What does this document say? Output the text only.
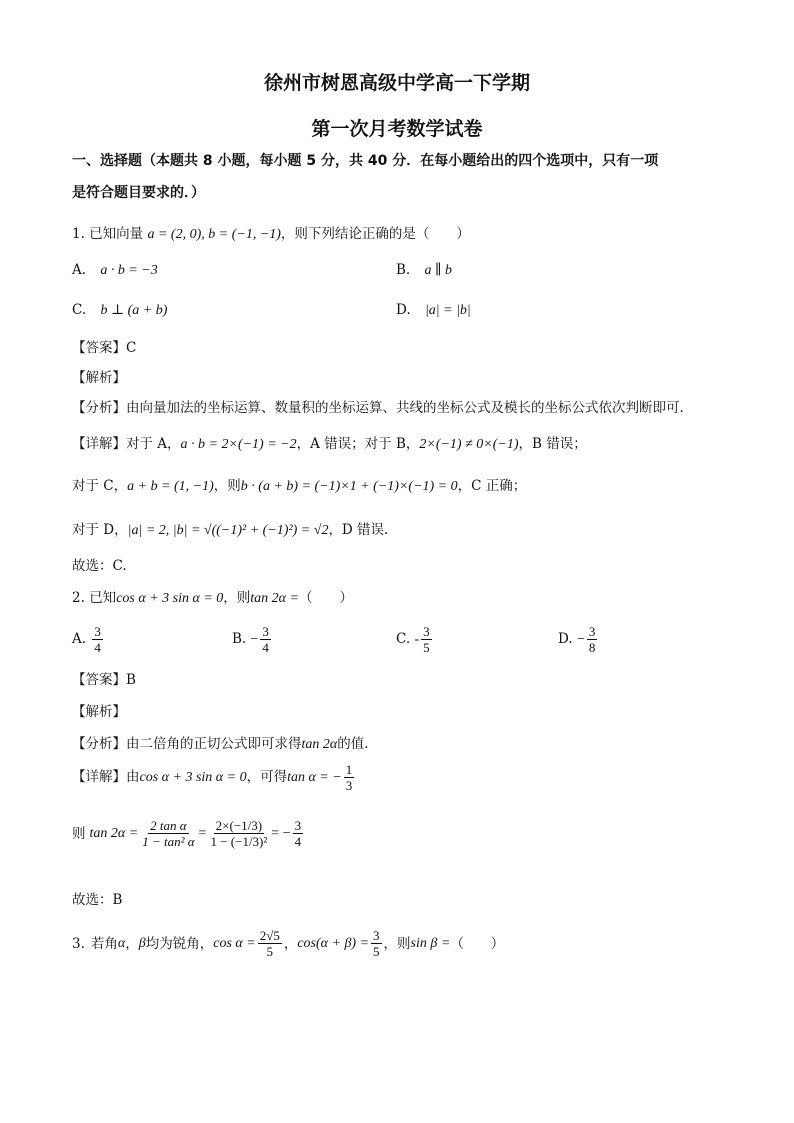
徐州市树恩高级中学高一下学期
第一次月考数学试卷
一、选择题（本题共 8 小题，每小题 5 分，共 40 分．在每小题给出的四个选项中，只有一项
是符合题目要求的．）
1. 已知向量 a = (2, 0), b = (−1, −1)，则下列结论正确的是（　　）
A. a · b = −3	B. a ∥ b
C. b ⊥ (a + b)	D. |a| = |b|
【答案】C
【解析】
【分析】由向量加法的坐标运算、数量积的坐标运算、共线的坐标公式及模长的坐标公式依次判断即可.
【详解】对于 A，a · b = 2×(−1) = −2，A 错误；对于 B，2×(−1) ≠ 0×(−1)，B 错误；
对于 C，a + b = (1, −1)，则b · (a + b) = (−1)×1 + (−1)×(−1) = 0，C 正确；
对于 D，|a| = 2, |b| = √((−1)² + (−1)²) = √2，D 错误.
故选：C.
2. 已知cos α + 3 sin α = 0，则tan 2α =（　　）
A. $\frac{3}{4}$	B. − $\frac{3}{4}$	C. - $\frac{3}{5}$	D. − $\frac{3}{8}$
【答案】B
【解析】
【分析】由二倍角的正切公式即可求得tan 2α的值.
【详解】由cos α + 3 sin α = 0，可得tan α = − $\frac{1}{3}$
则 $\tan 2\alpha = \frac{\text{2 tan α}}{\text{1 − tan² α}} = \frac{2\times(-1/3)}{\text{1 − (−1/3)²}}$ = − $\frac{3}{4}$
故选：B
3. 若角 α ， β 均为锐角， $\cos \alpha = \frac{2√5}{5}$ ， $\cos(\alpha + \beta) = \frac{3}{5}$ ，则 sin β = （　　）
